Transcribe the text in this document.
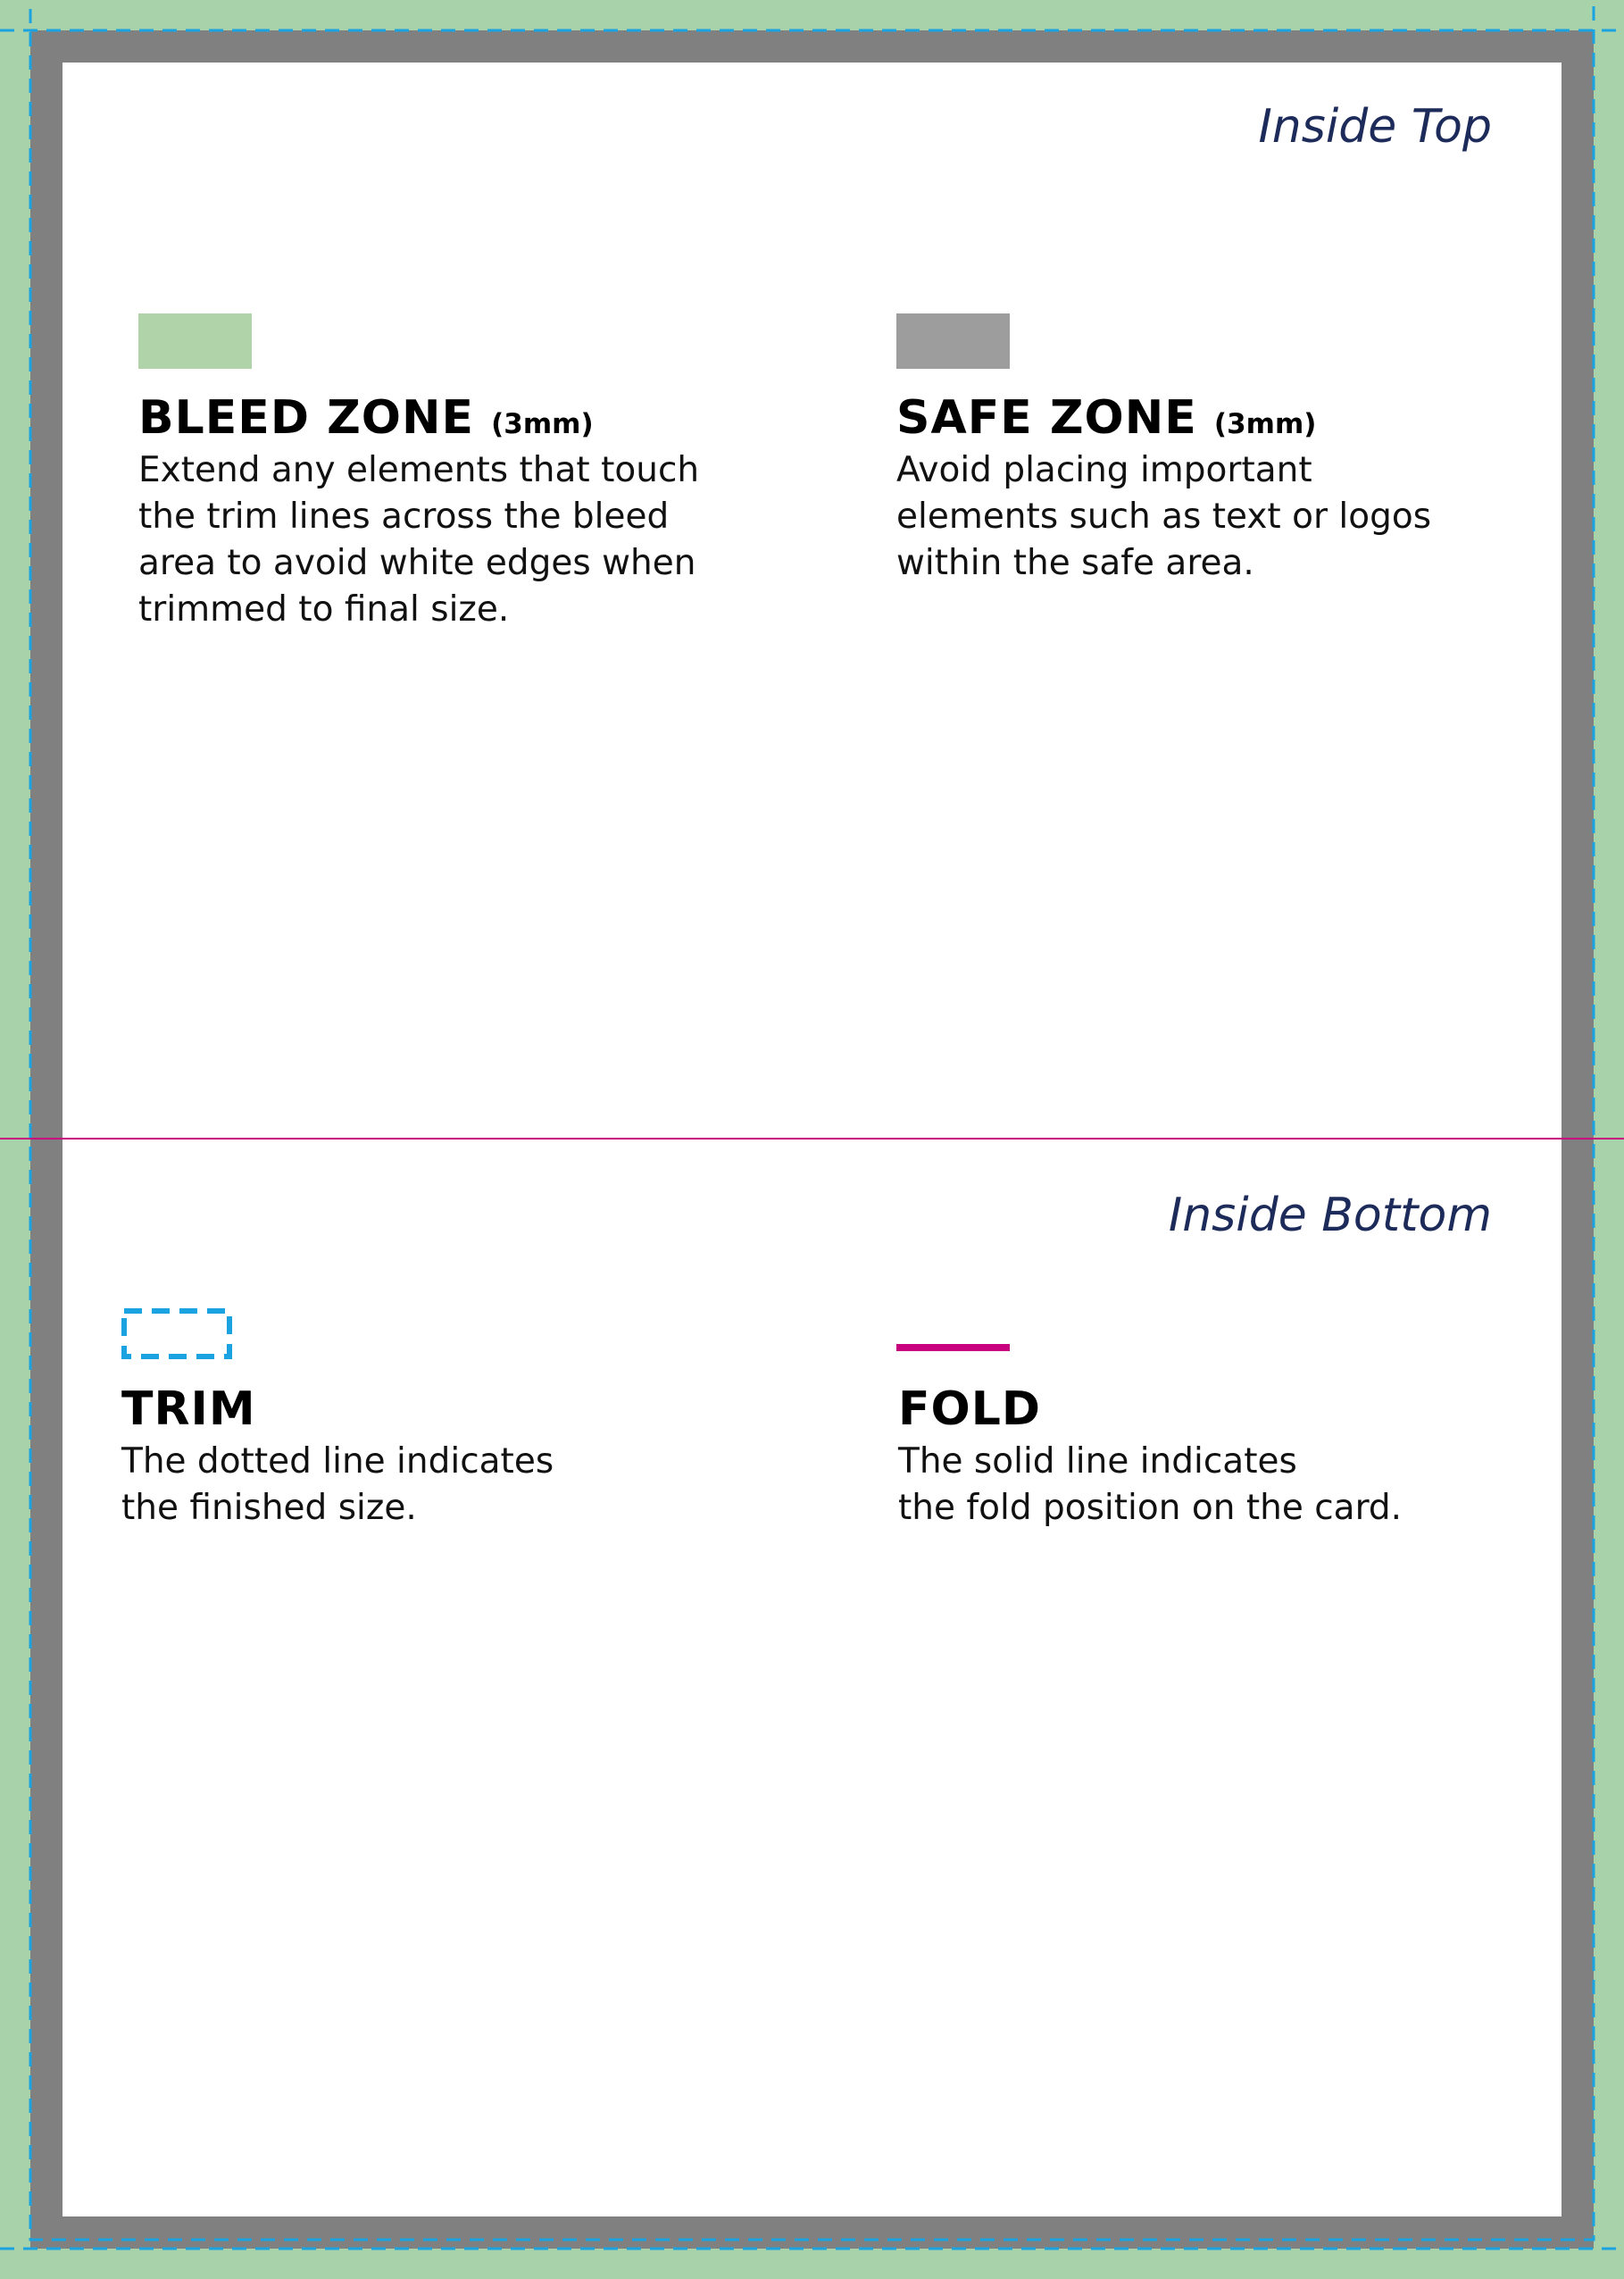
Inside Top
Inside Bottom
BLEED ZONE (3mm)
Extend any elements that touch
the trim lines across the bleed
area to avoid white edges when
trimmed to final size.
SAFE ZONE (3mm)
Avoid placing important
elements such as text or logos
within the safe area.
TRIM
The dotted line indicates
the finished size.
FOLD
The solid line indicates
the fold position on the card.
